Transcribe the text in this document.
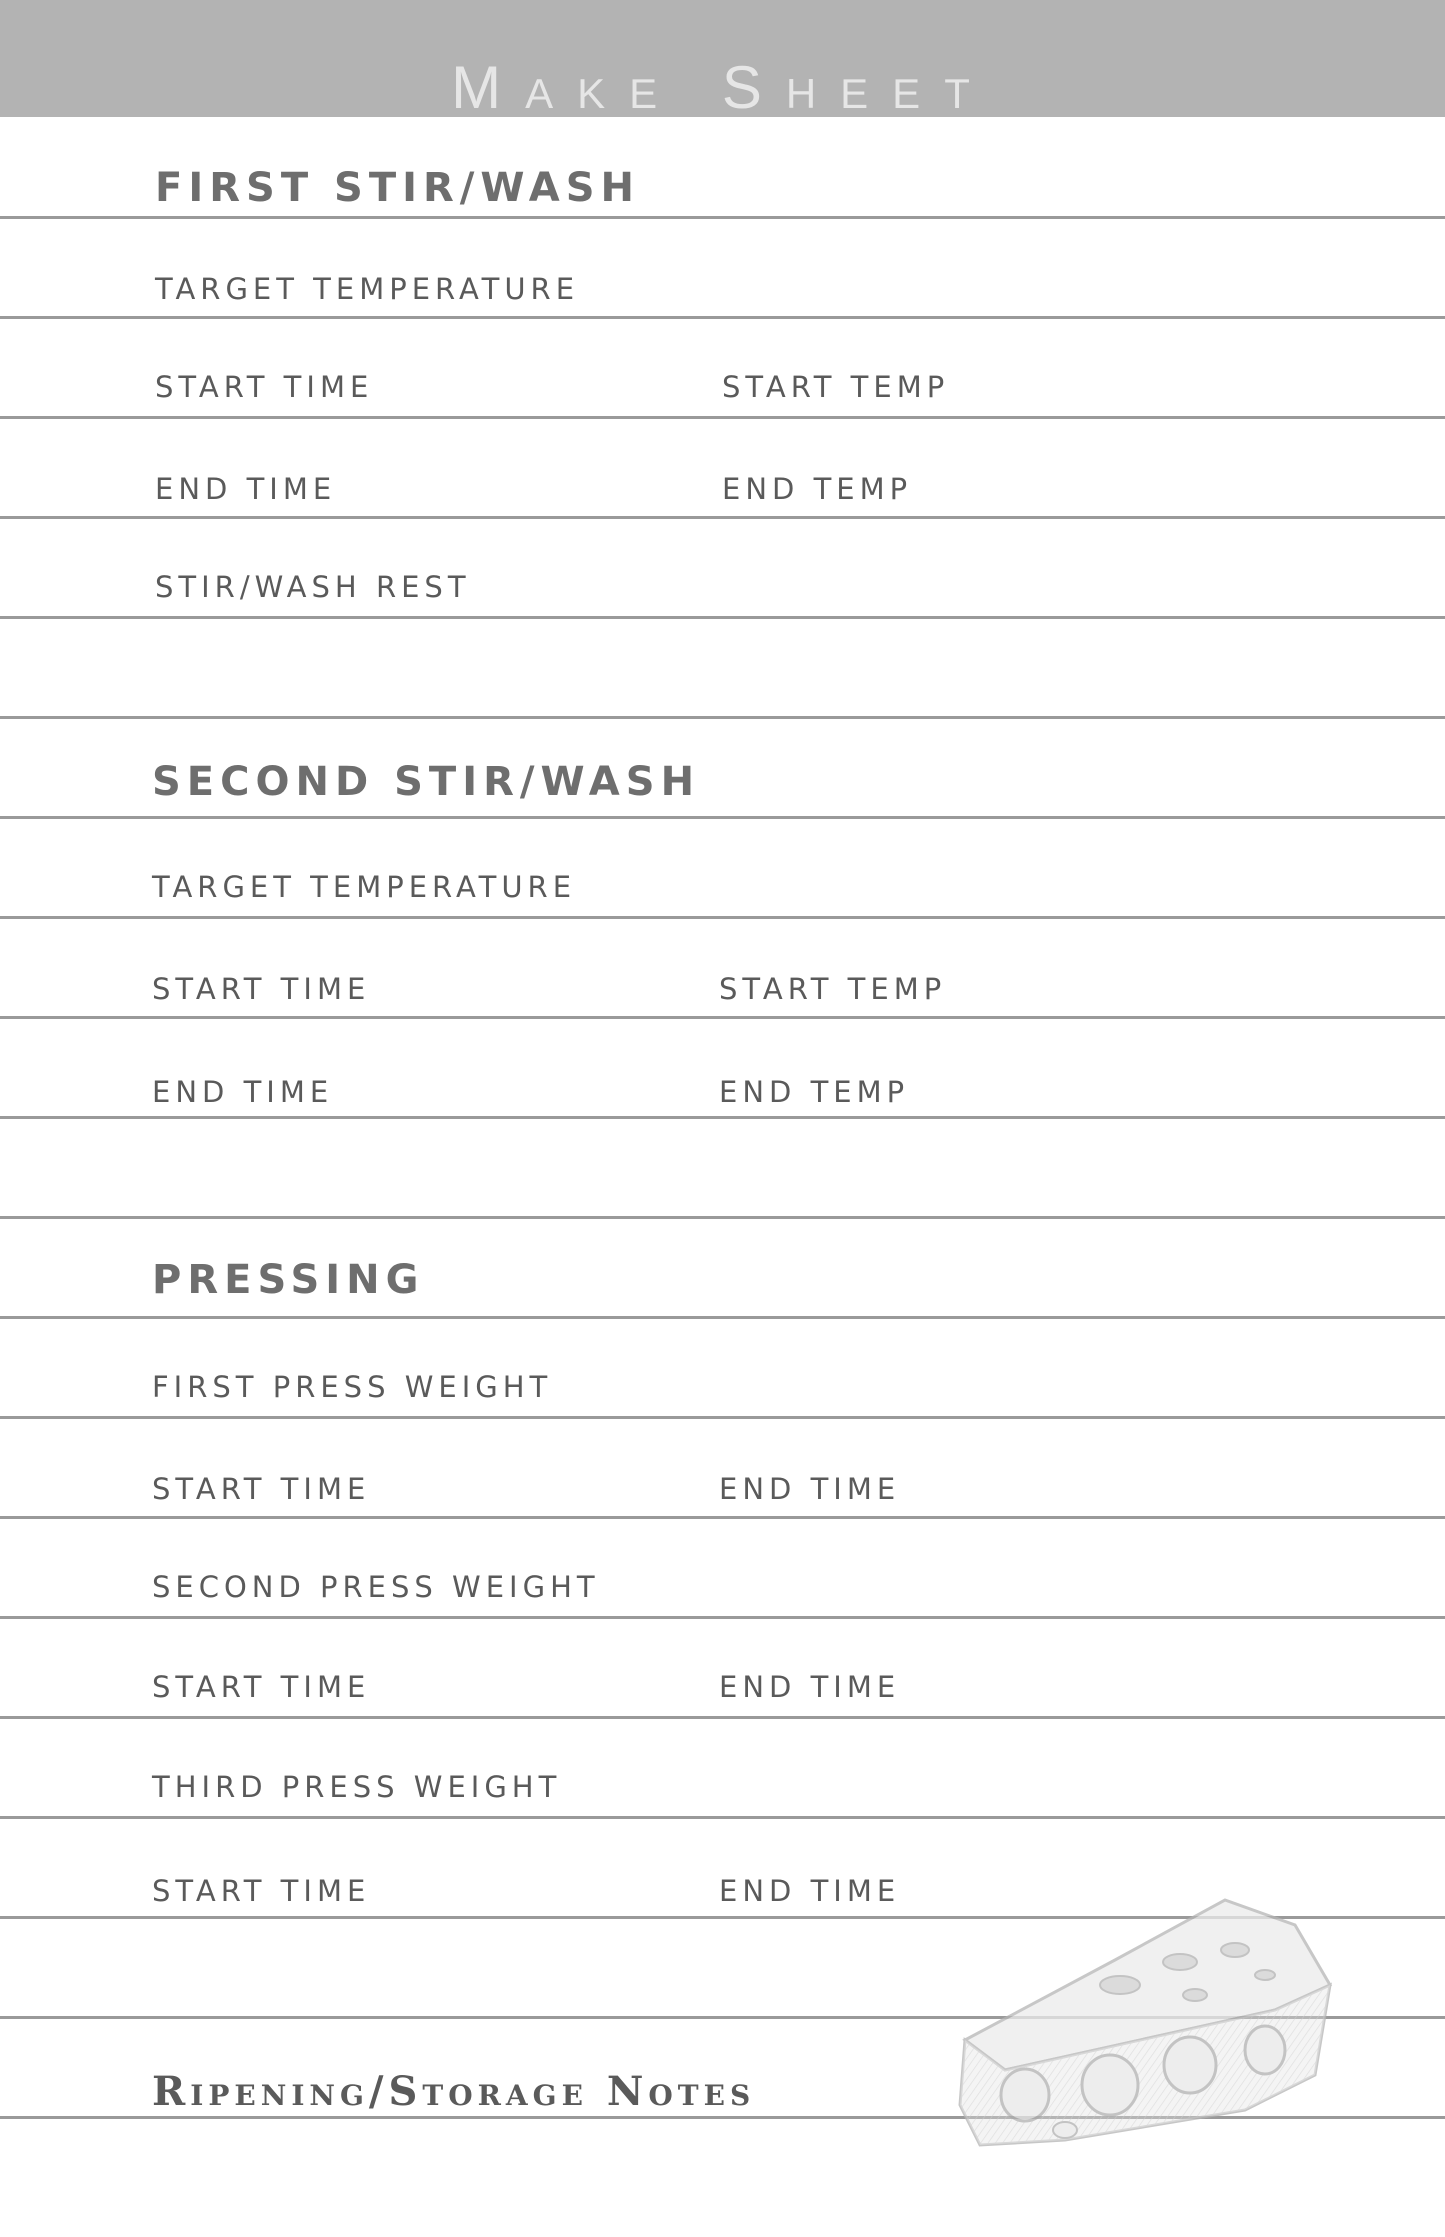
Make Sheet
FIRST STIR/WASH
TARGET TEMPERATURE
START TIME	START TEMP
END TIME	END TEMP
STIR/WASH REST
SECOND STIR/WASH
TARGET TEMPERATURE
START TIME	START TEMP
END TIME	END TEMP
PRESSING
FIRST PRESS WEIGHT
START TIME	END TIME
SECOND PRESS WEIGHT
START TIME	END TIME
THIRD PRESS WEIGHT
START TIME	END TIME
Ripening/Storage Notes
